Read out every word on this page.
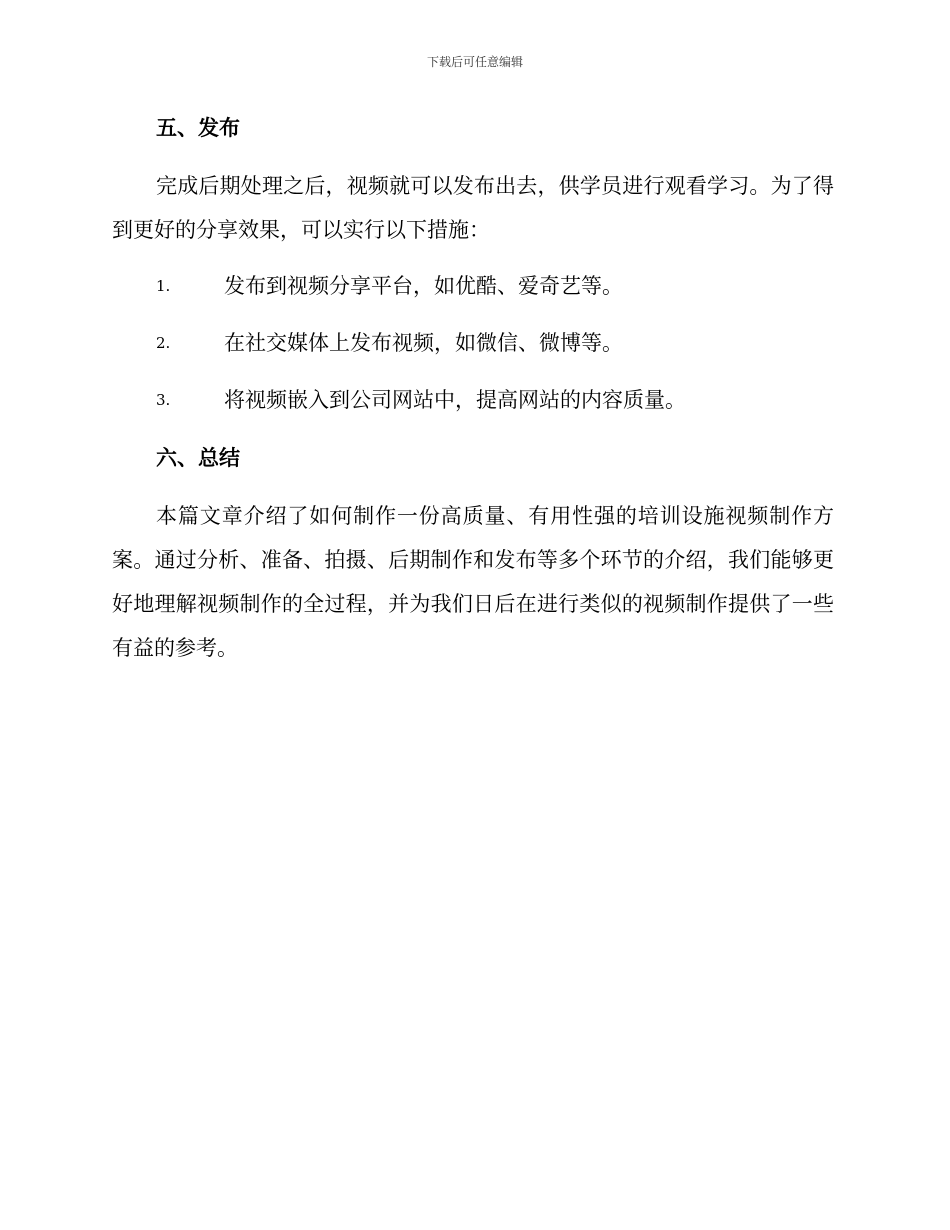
下载后可任意编辑
五、发布

完成后期处理之后，视频就可以发布出去，供学员进行观看学习。为了得到更好的分享效果，可以实行以下措施：

1.	发布到视频分享平台，如优酷、爱奇艺等。
2.	在社交媒体上发布视频，如微信、微博等。
3.	将视频嵌入到公司网站中，提高网站的内容质量。
六、总结

本篇文章介绍了如何制作一份高质量、有用性强的培训设施视频制作方案。通过分析、准备、拍摄、后期制作和发布等多个环节的介绍，我们能够更好地理解视频制作的全过程，并为我们日后在进行类似的视频制作提供了一些有益的参考。
